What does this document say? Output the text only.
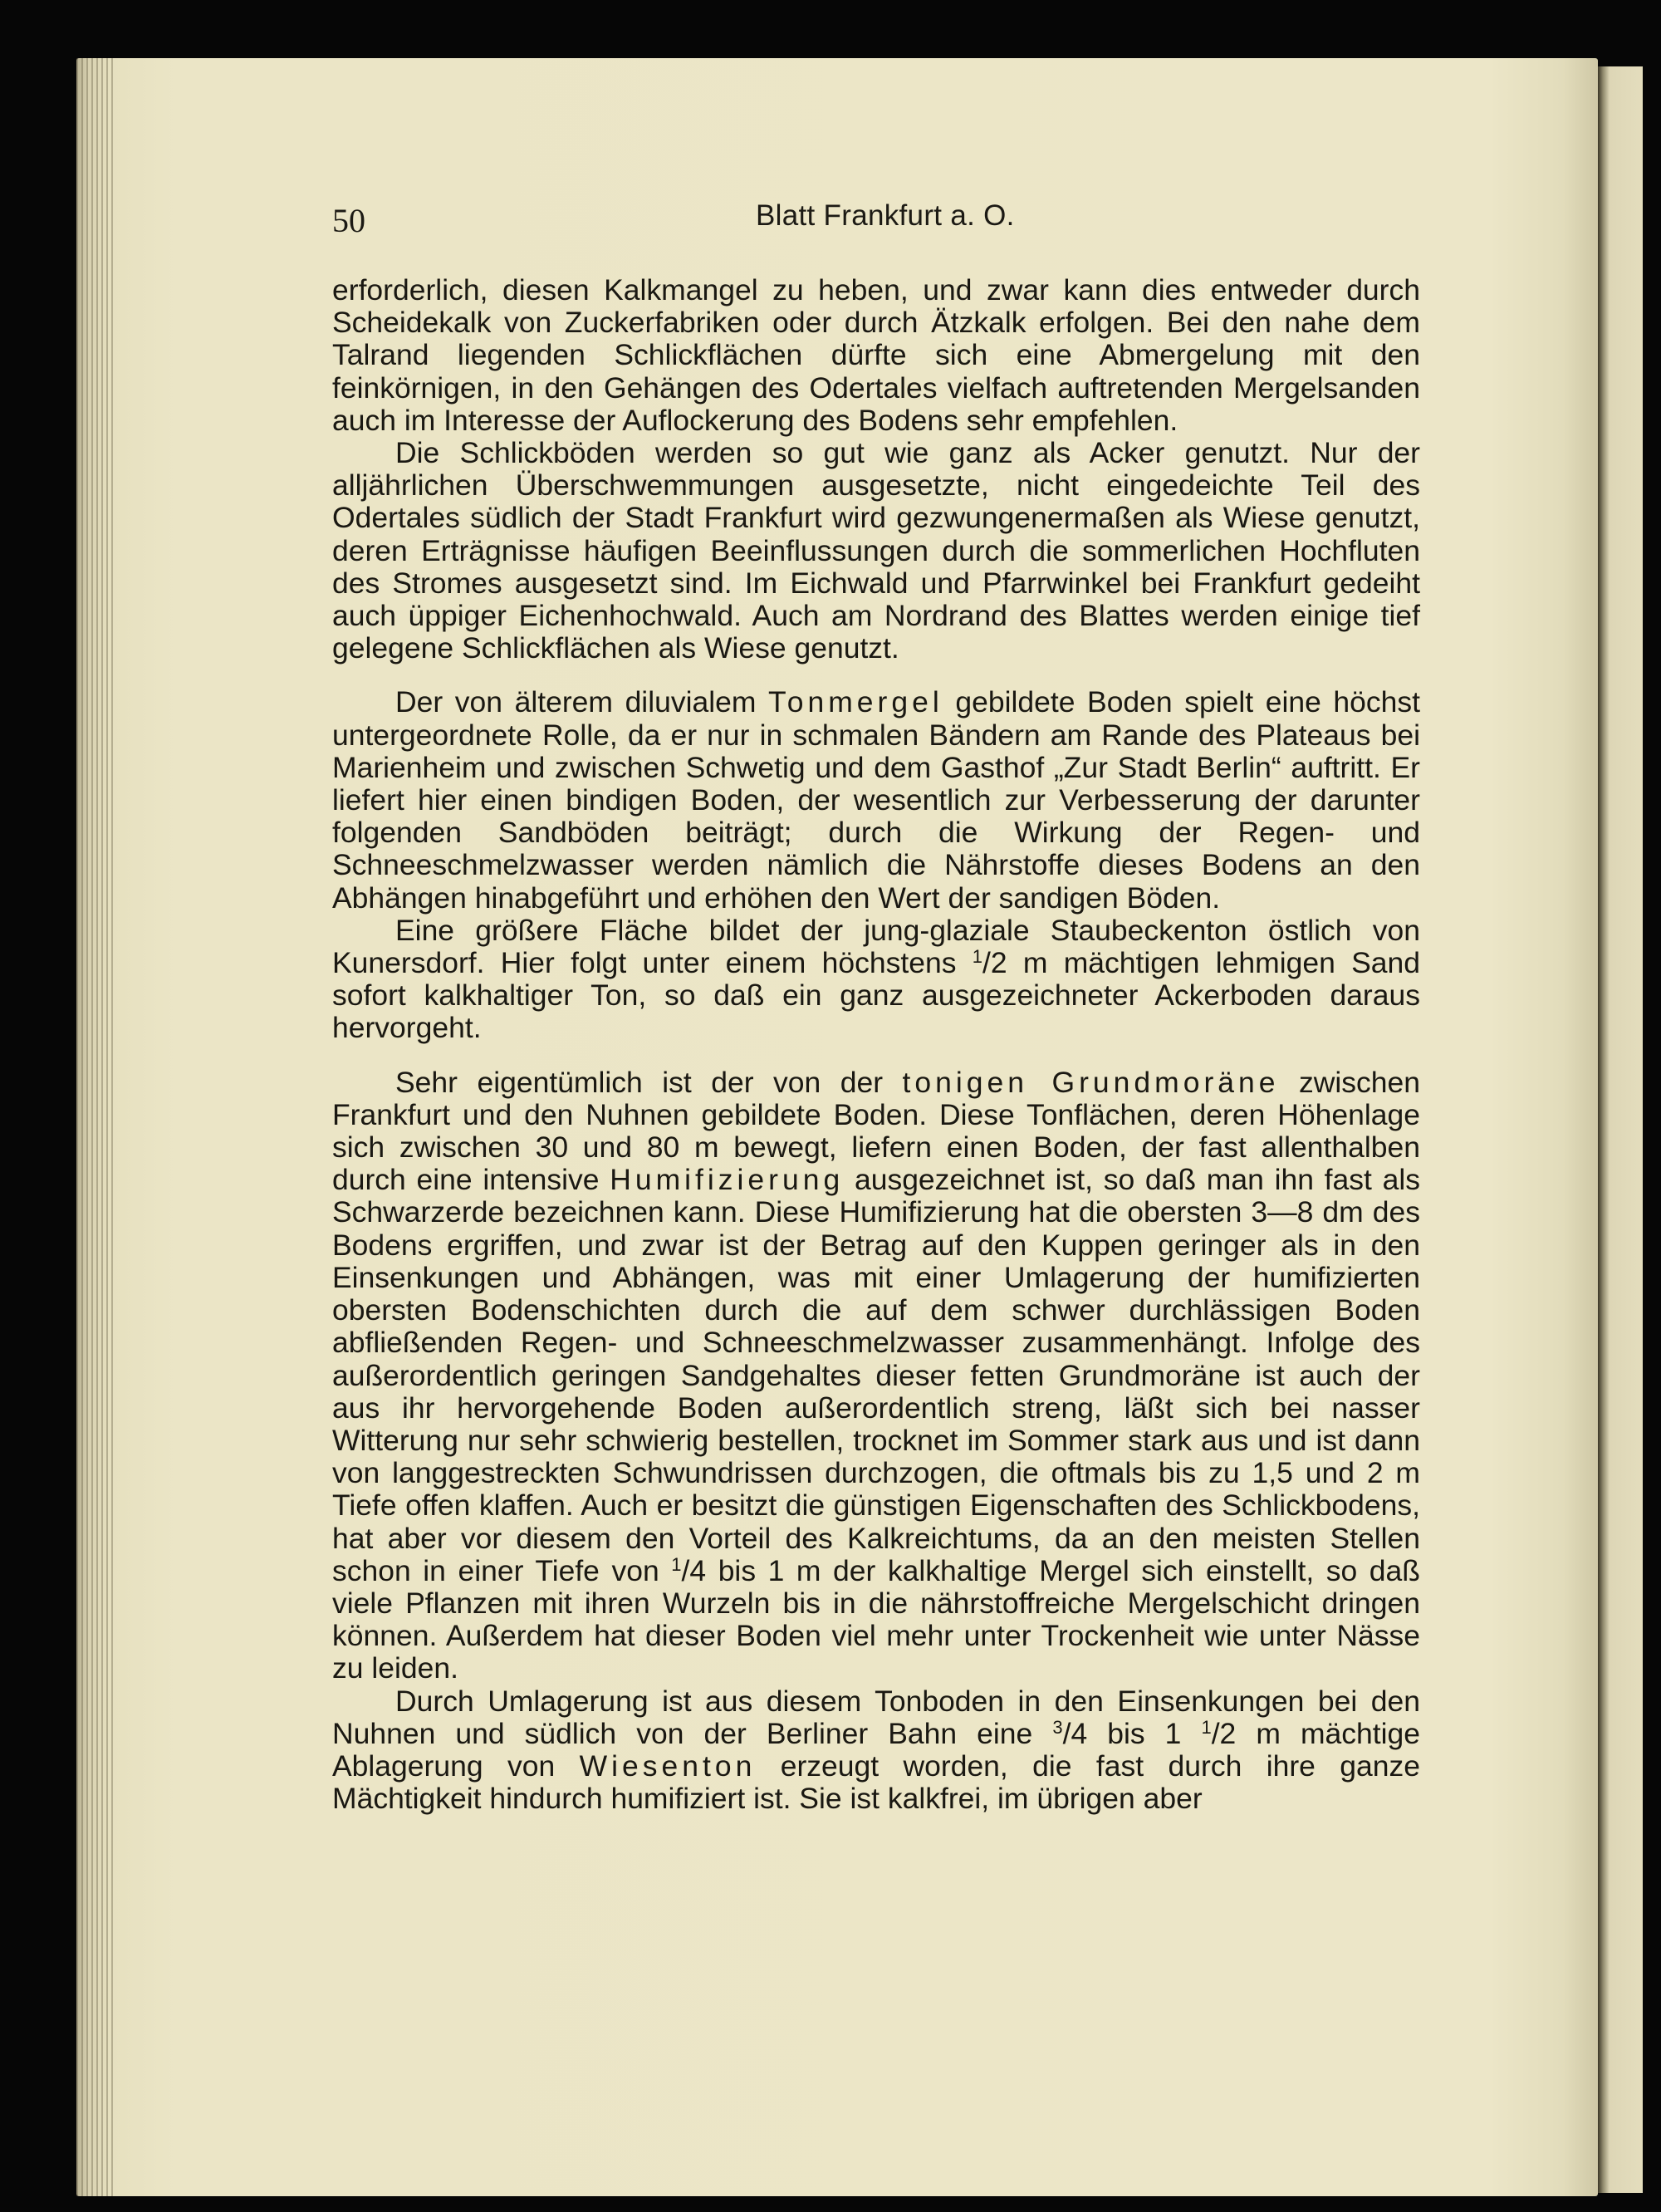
50	Blatt Frankfurt a. O.

erforderlich, diesen Kalkmangel zu heben, und zwar kann dies entweder durch Scheidekalk von Zuckerfabriken oder durch Ätzkalk erfolgen. Bei den nahe dem Talrand liegenden Schlickflächen dürfte sich eine Abmergelung mit den feinkörnigen, in den Gehängen des Odertales vielfach auftretenden Mergelsanden auch im Interesse der Auflockerung des Bodens sehr empfehlen.

Die Schlickböden werden so gut wie ganz als Acker genutzt. Nur der alljährlichen Überschwemmungen ausgesetzte, nicht eingedeichte Teil des Odertales südlich der Stadt Frankfurt wird gezwungenermaßen als Wiese genutzt, deren Erträgnisse häufigen Beeinflussungen durch die sommerlichen Hochfluten des Stromes ausgesetzt sind. Im Eichwald und Pfarrwinkel bei Frankfurt gedeiht auch üppiger Eichenhochwald. Auch am Nordrand des Blattes werden einige tief gelegene Schlickflächen als Wiese genutzt.

Der von älterem diluvialem Tonmergel gebildete Boden spielt eine höchst untergeordnete Rolle, da er nur in schmalen Bändern am Rande des Plateaus bei Marienheim und zwischen Schwetig und dem Gasthof „Zur Stadt Berlin“ auftritt. Er liefert hier einen bindigen Boden, der wesentlich zur Verbesserung der darunter folgenden Sandböden beiträgt; durch die Wirkung der Regen- und Schneeschmelzwasser werden nämlich die Nährstoffe dieses Bodens an den Abhängen hinabgeführt und erhöhen den Wert der sandigen Böden.

Eine größere Fläche bildet der jung-glaziale Staubeckenton östlich von Kunersdorf. Hier folgt unter einem höchstens $^1$/2 m mächtigen lehmigen Sand sofort kalkhaltiger Ton, so daß ein ganz ausgezeichneter Ackerboden daraus hervorgeht.

Sehr eigentümlich ist der von der tonigen Grundmoräne zwischen Frankfurt und den Nuhnen gebildete Boden. Diese Tonflächen, deren Höhenlage sich zwischen 30 und 80 m bewegt, liefern einen Boden, der fast allenthalben durch eine intensive Humifizierung ausgezeichnet ist, so daß man ihn fast als Schwarzerde bezeichnen kann. Diese Humifizierung hat die obersten 3—8 dm des Bodens ergriffen, und zwar ist der Betrag auf den Kuppen geringer als in den Einsenkungen und Abhängen, was mit einer Umlagerung der humifizierten obersten Bodenschichten durch die auf dem schwer durchlässigen Boden abfließenden Regen- und Schneeschmelzwasser zusammenhängt. Infolge des außerordentlich geringen Sandgehaltes dieser fetten Grundmoräne ist auch der aus ihr hervorgehende Boden außerordentlich streng, läßt sich bei nasser Witterung nur sehr schwierig bestellen, trocknet im Sommer stark aus und ist dann von langgestreckten Schwundrissen durchzogen, die oftmals bis zu 1,5 und 2 m Tiefe offen klaffen. Auch er besitzt die günstigen Eigenschaften des Schlickbodens, hat aber vor diesem den Vorteil des Kalkreichtums, da an den meisten Stellen schon in einer Tiefe von $^1$/4 bis 1 m der kalkhaltige Mergel sich einstellt, so daß viele Pflanzen mit ihren Wurzeln bis in die nährstoffreiche Mergelschicht dringen können. Außerdem hat dieser Boden viel mehr unter Trockenheit wie unter Nässe zu leiden.

Durch Umlagerung ist aus diesem Tonboden in den Einsenkungen bei den Nuhnen und südlich von der Berliner Bahn eine $^3$/4 bis 1 $^1$/2 m mächtige Ablagerung von Wiesenton erzeugt worden, die fast durch ihre ganze Mächtigkeit hindurch humifiziert ist. Sie ist kalkfrei, im übrigen aber
